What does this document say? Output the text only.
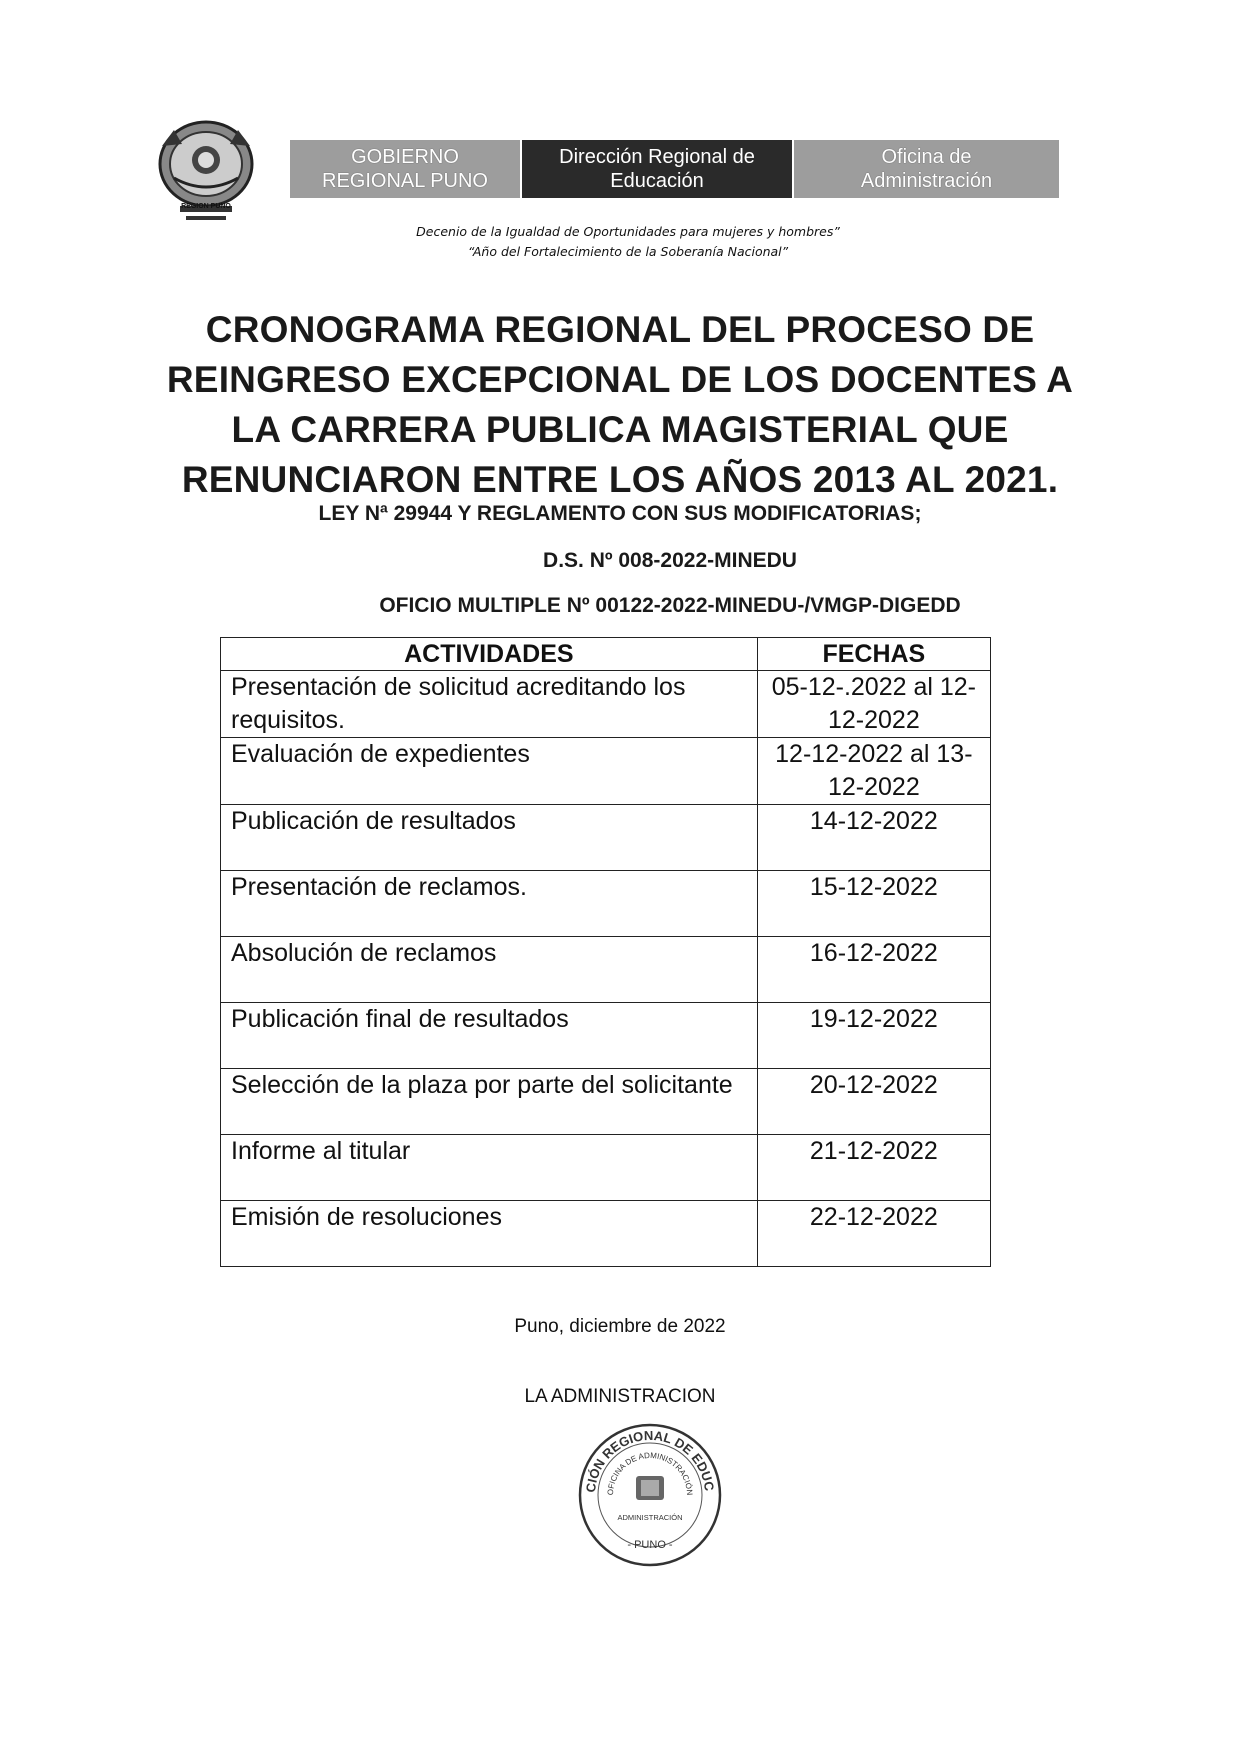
REGION PUNO
GOBIERNO
REGIONAL PUNO
Dirección Regional de
Educación
Oficina de
Administración
Decenio de la Igualdad de Oportunidades para mujeres y hombres”
“Año del Fortalecimiento de la Soberanía Nacional”
CRONOGRAMA REGIONAL DEL PROCESO DE
REINGRESO EXCEPCIONAL DE LOS DOCENTES A
LA CARRERA PUBLICA MAGISTERIAL QUE
RENUNCIARON ENTRE LOS AÑOS 2013 AL 2021.
LEY Nª 29944 Y REGLAMENTO CON SUS MODIFICATORIAS;
D.S. Nº 008-2022-MINEDU
OFICIO MULTIPLE Nº 00122-2022-MINEDU-/VMGP-DIGEDD
ACTIVIDADES	FECHAS
Presentación de solicitud acreditando los requisitos.	05-12-.2022 al 12-12-2022
Evaluación de expedientes	12-12-2022 al 13-12-2022
Publicación de resultados	14-12-2022
Presentación de reclamos.	15-12-2022
Absolución de reclamos	16-12-2022
Publicación final de resultados	19-12-2022
Selección de la plaza por parte del solicitante	20-12-2022
Informe al titular	21-12-2022
Emisión de resoluciones	22-12-2022
Puno, diciembre de 2022
LA ADMINISTRACION
CIÓN REGIONAL DE EDUC
OFICINA DE ADMINISTRACIÓN
ADMINISTRACIÓN
- PUNO -
